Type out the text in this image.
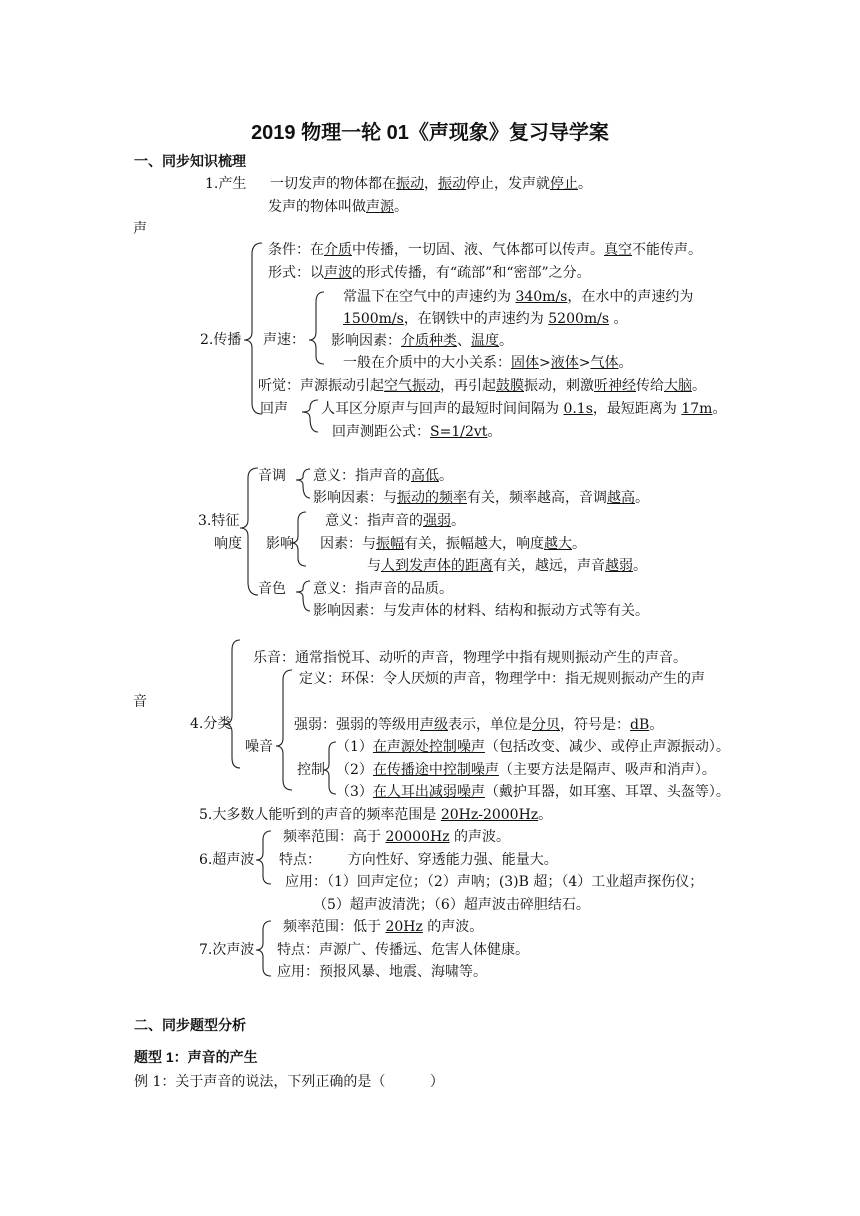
2019 物理一轮 01《声现象》复习导学案
一、同步知识梳理
声
音
1.产生 一切发声的物体都在振动，振动停止，发声就停止。
发声的物体叫做声源。
2.传播
条件：在介质中传播，一切固、液、气体都可以传声。真空不能传声。
形式：以声波的形式传播，有“疏部”和“密部”之分。
声速：
常温下在空气中的声速约为 340m/s，在水中的声速约为
1500m/s，在钢铁中的声速约为 5200m/s 。
影响因素：介质种类、温度。
一般在介质中的大小关系：固体>液体>气体。
听觉：声源振动引起空气振动，再引起鼓膜振动，刺激听神经传给大脑。
回声 人耳区分原声与回声的最短时间间隔为 0.1s，最短距离为 17m。
回声测距公式：S=1/2vt。
3.特征
音调 意义：指声音的高低。
影响因素：与振动的频率有关，频率越高，音调越高。
响度 影响
意义：指声音的强弱。
因素：与振幅有关，振幅越大，响度越大。
与人到发声体的距离有关，越远，声音越弱。
音色 意义：指声音的品质。
影响因素：与发声体的材料、结构和振动方式等有关。
4.分类
乐音：通常指悦耳、动听的声音，物理学中指有规则振动产生的声音。
噪音
定义：环保：令人厌烦的声音，物理学中：指无规则振动产生的声
强弱：强弱的等级用声级表示，单位是分贝，符号是：dB。
控制
（1）在声源处控制噪声（包括改变、减少、或停止声源振动）。
（2）在传播途中控制噪声（主要方法是隔声、吸声和消声）。
（3）在人耳出减弱噪声（戴护耳器，如耳塞、耳罩、头盔等）。
5.大多数人能听到的声音的频率范围是 20Hz-2000Hz。
6.超声波
频率范围：高于 20000Hz 的声波。
特点：      方向性好、穿透能力强、能量大。
应用：（1）回声定位；（2）声呐；(3)B 超；（4）工业超声探伤仪；
（5）超声波清洗；（6）超声波击碎胆结石。
7.次声波
频率范围：低于 20Hz 的声波。
特点：声源广、传播远、危害人体健康。
应用：预报风暴、地震、海啸等。
二、同步题型分析
题型 1：声音的产生
例 1：关于声音的说法，下列正确的是（          ）
